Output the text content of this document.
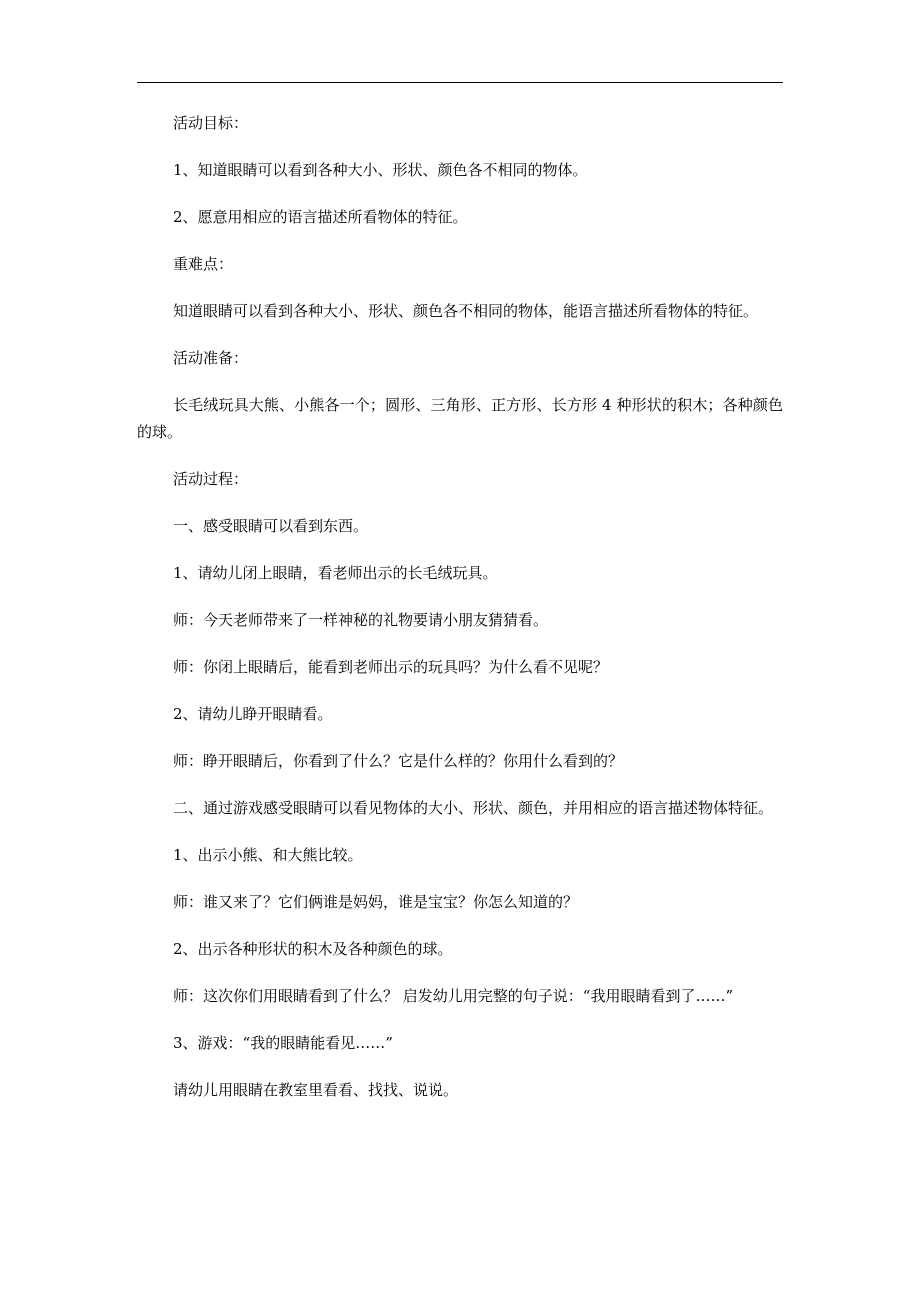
活动目标：

1、知道眼睛可以看到各种大小、形状、颜色各不相同的物体。

2、愿意用相应的语言描述所看物体的特征。

重难点：

知道眼睛可以看到各种大小、形状、颜色各不相同的物体，能语言描述所看物体的特征。

活动准备：

长毛绒玩具大熊、小熊各一个；圆形、三角形、正方形、长方形 4 种形状的积木；各种颜色的球。

活动过程：

一、感受眼睛可以看到东西。

1、请幼儿闭上眼睛，看老师出示的长毛绒玩具。

师：今天老师带来了一样神秘的礼物要请小朋友猜猜看。

师：你闭上眼睛后，能看到老师出示的玩具吗？为什么看不见呢？

2、请幼儿睁开眼睛看。

师：睁开眼睛后，你看到了什么？它是什么样的？你用什么看到的？

二、通过游戏感受眼睛可以看见物体的大小、形状、颜色，并用相应的语言描述物体特征。

1、出示小熊、和大熊比较。

师：谁又来了？它们俩谁是妈妈，谁是宝宝？你怎么知道的？

2、出示各种形状的积木及各种颜色的球。

师：这次你们用眼睛看到了什么？ 启发幼儿用完整的句子说：“我用眼睛看到了……”

3、游戏：“我的眼睛能看见……”

请幼儿用眼睛在教室里看看、找找、说说。
